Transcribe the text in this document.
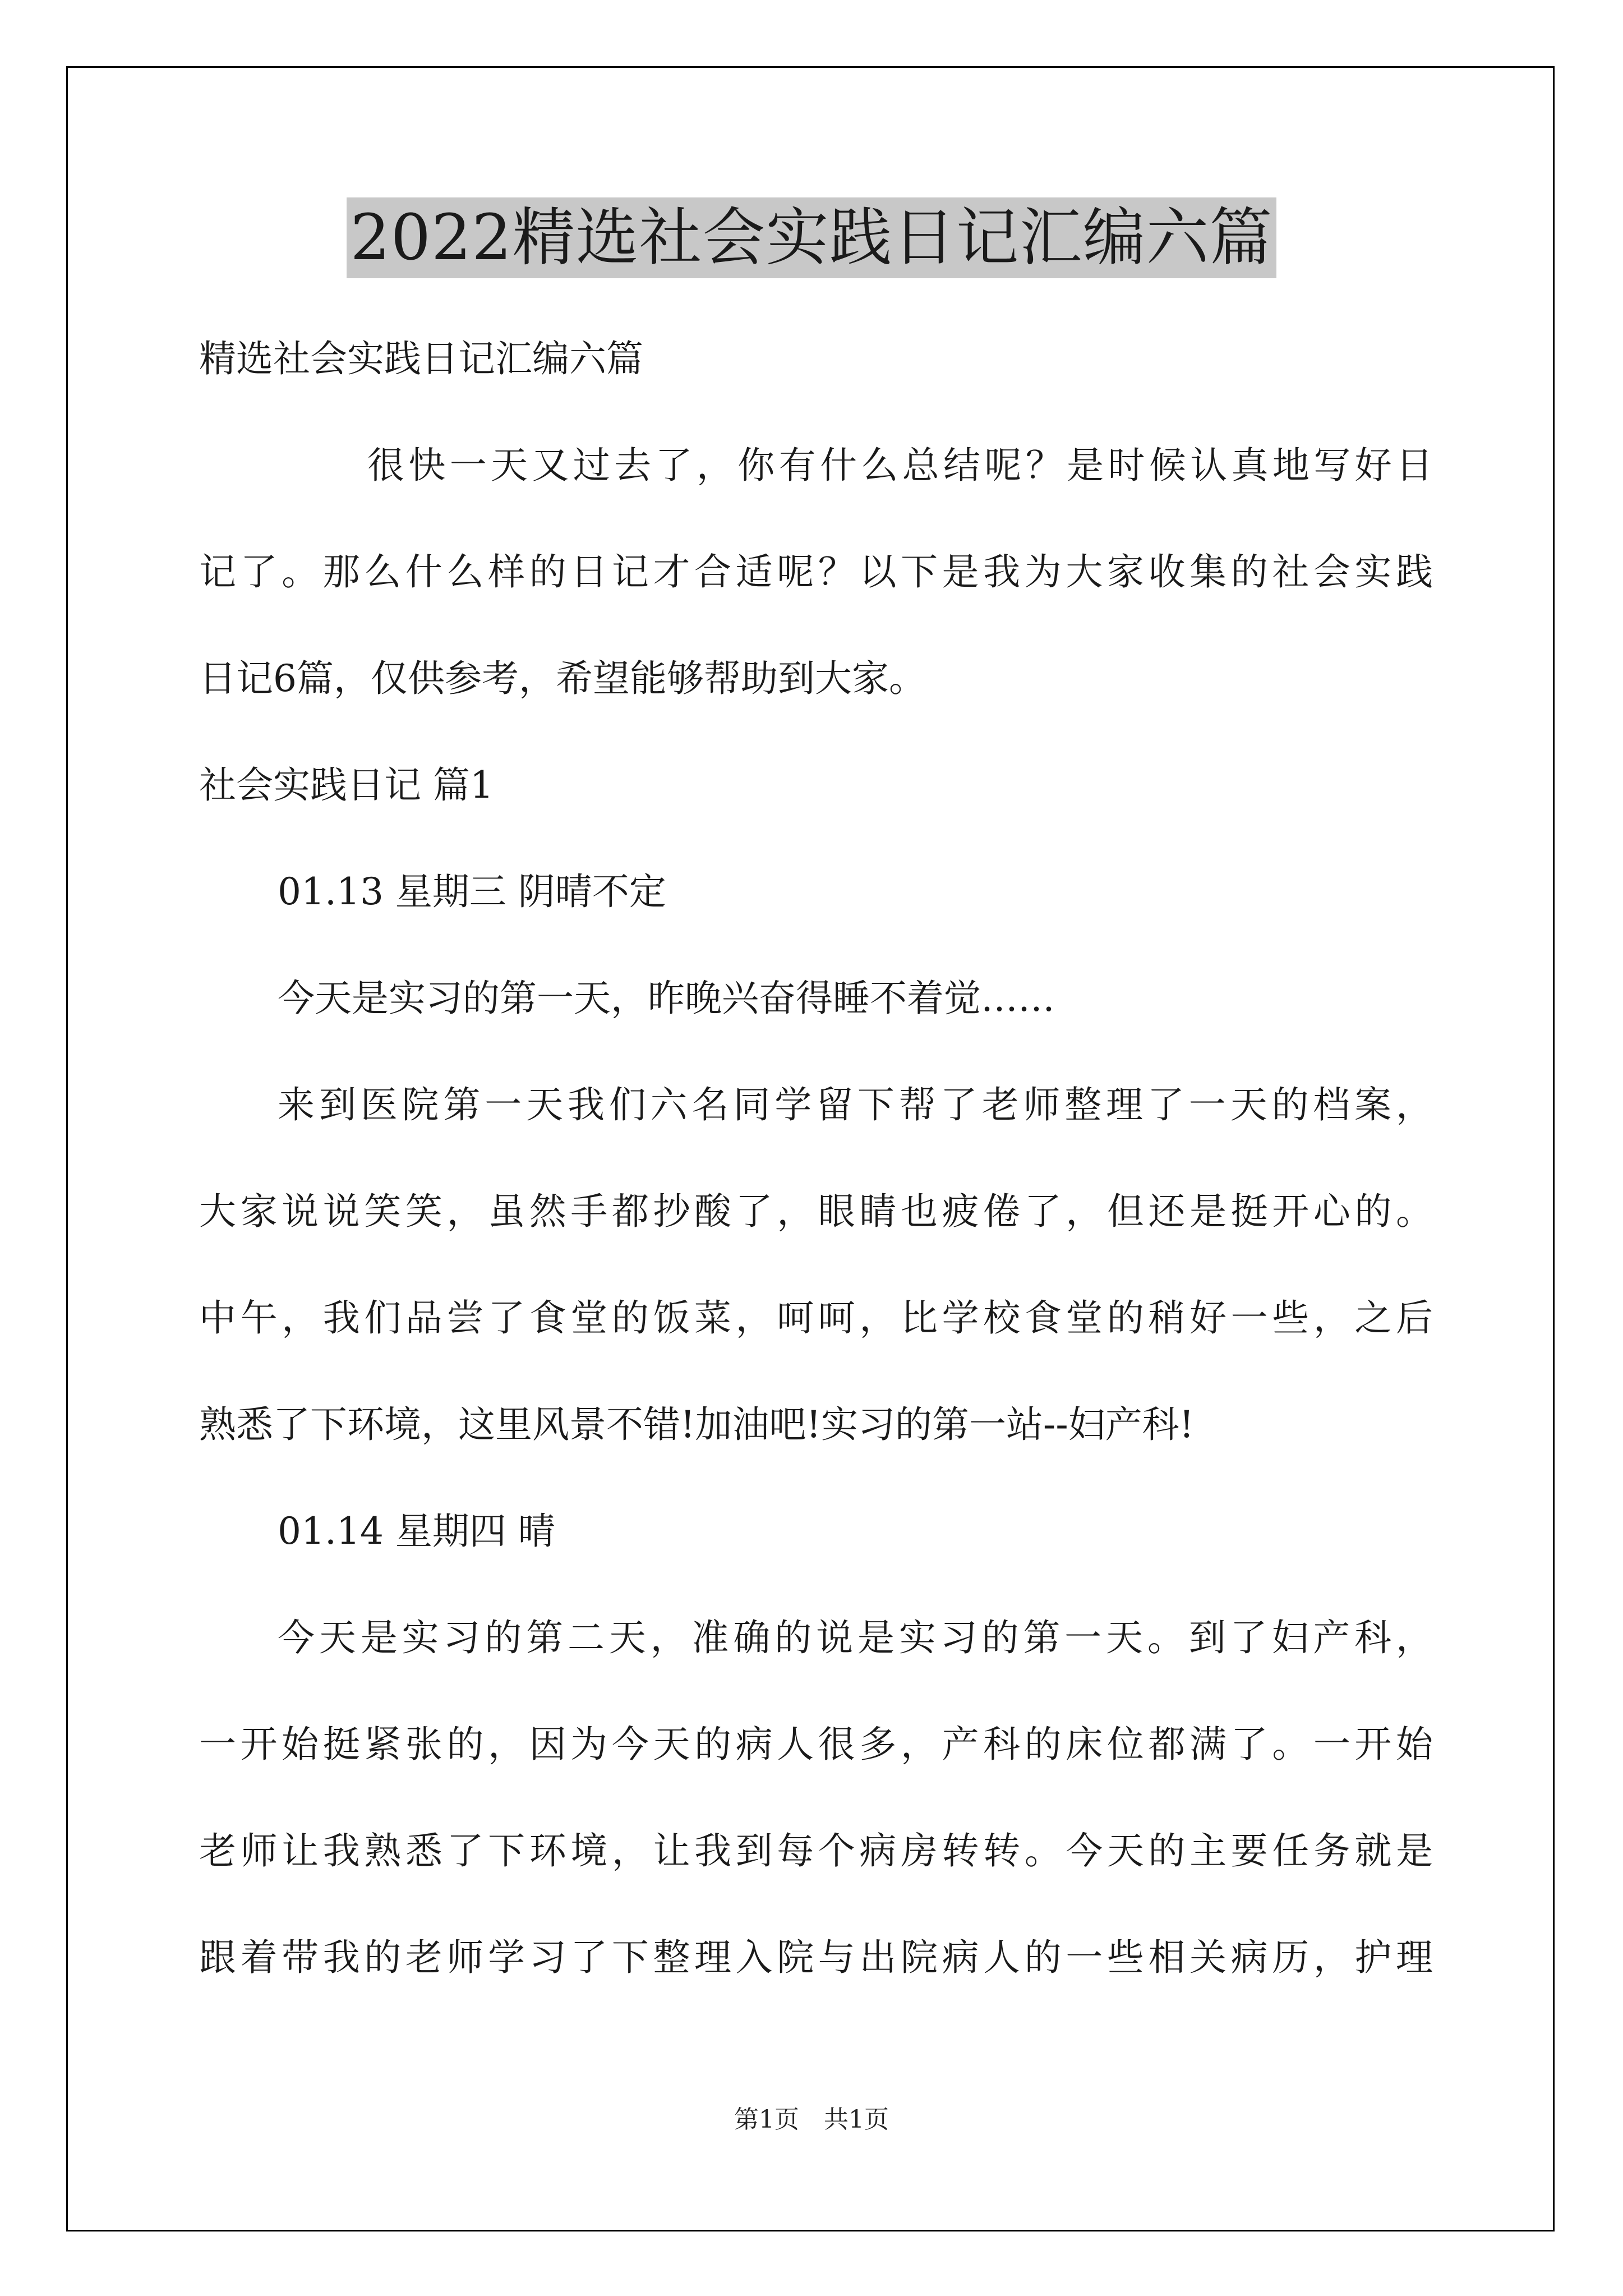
2022精选社会实践日记汇编六篇
精选社会实践日记汇编六篇
很快一天又过去了，你有什么总结呢？是时候认真地写好日
记了。那么什么样的日记才合适呢？以下是我为大家收集的社会实践
日记6篇，仅供参考，希望能够帮助到大家。
社会实践日记 篇1
01.13 星期三 阴晴不定
今天是实习的第一天，昨晚兴奋得睡不着觉……
来到医院第一天我们六名同学留下帮了老师整理了一天的档案，
大家说说笑笑，虽然手都抄酸了，眼睛也疲倦了，但还是挺开心的。
中午，我们品尝了食堂的饭菜，呵呵，比学校食堂的稍好一些，之后
熟悉了下环境，这里风景不错!加油吧!实习的第一站--妇产科!
01.14 星期四 晴
今天是实习的第二天，准确的说是实习的第一天。到了妇产科，
一开始挺紧张的，因为今天的病人很多，产科的床位都满了。一开始
老师让我熟悉了下环境，让我到每个病房转转。今天的主要任务就是
跟着带我的老师学习了下整理入院与出院病人的一些相关病历，护理
第1页　共1页
